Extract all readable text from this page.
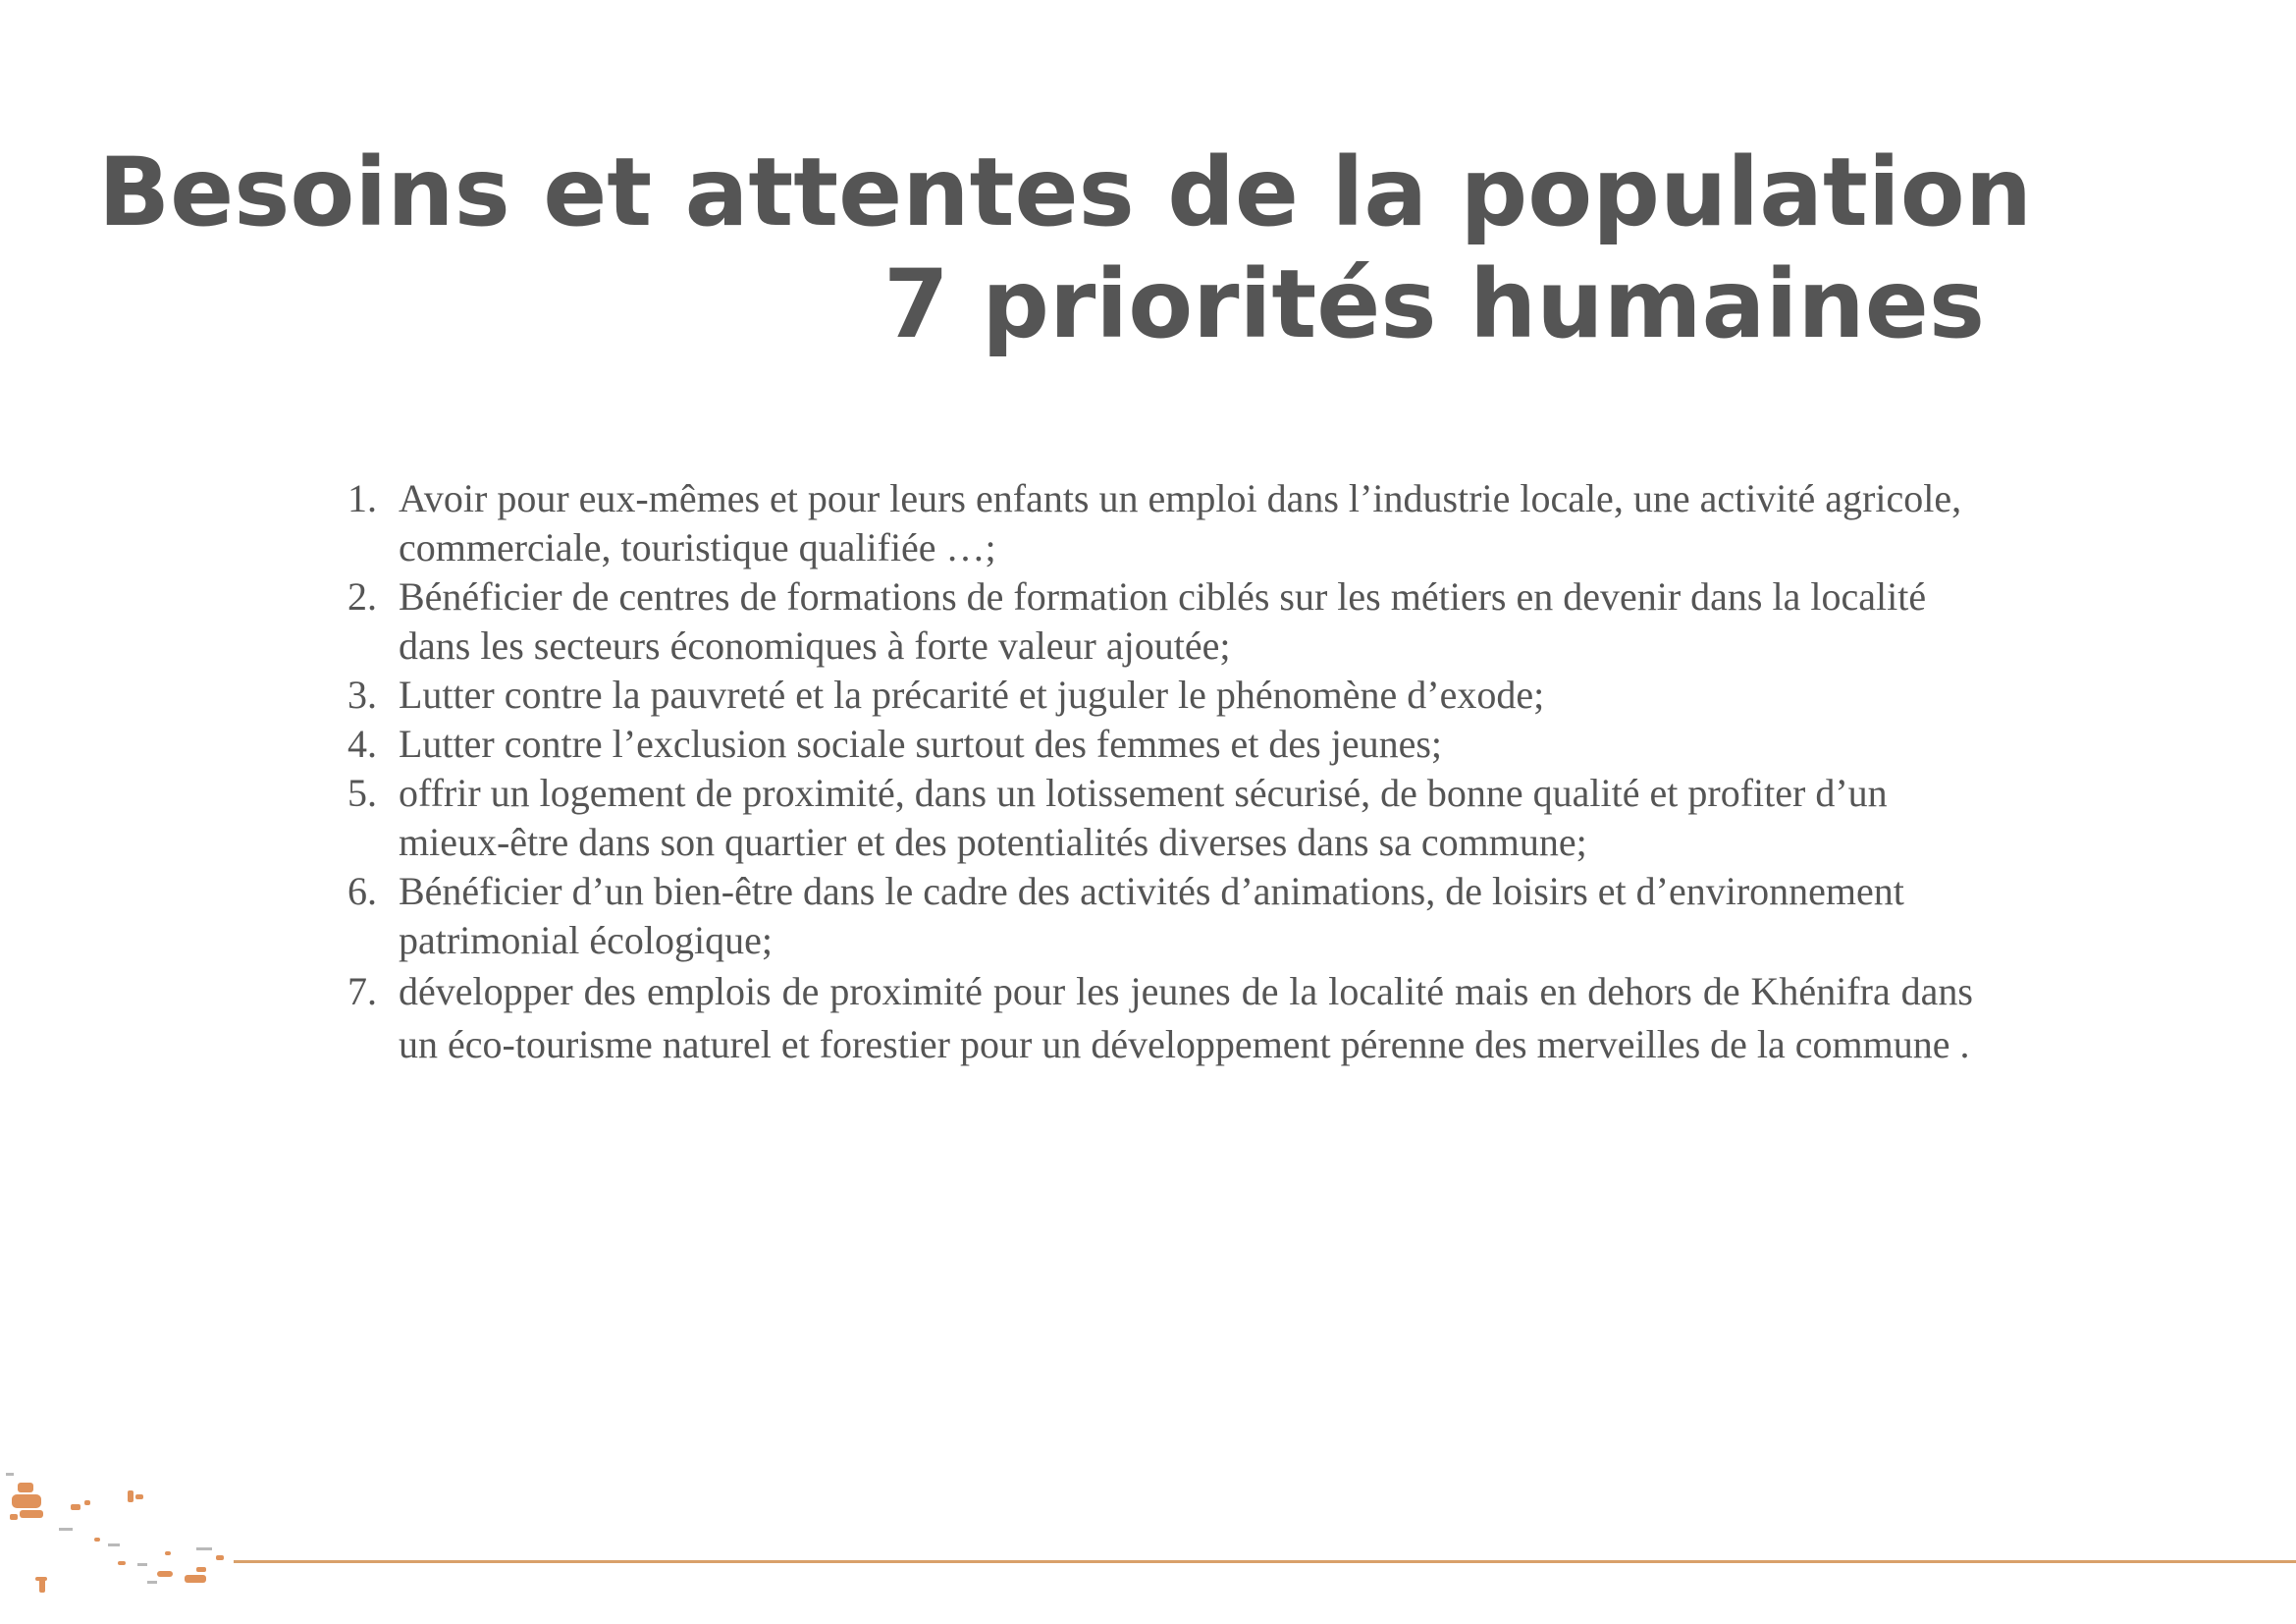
Besoins et attentes de la population
7 priorités humaines
1. Avoir pour eux-mêmes et pour leurs enfants un emploi dans l’industrie locale, une activité agricole, commerciale, touristique qualifiée …;
2. Bénéficier de centres de formations de formation ciblés sur les métiers en devenir dans la localité dans les secteurs économiques à forte valeur ajoutée;
3. Lutter contre la pauvreté et la précarité et juguler le phénomène d’exode;
4. Lutter contre l’exclusion sociale surtout des femmes et des jeunes;
5. offrir un logement de proximité, dans un lotissement sécurisé, de bonne qualité et profiter d’un mieux-être dans son quartier et des potentialités diverses dans sa commune;
6. Bénéficier d’un bien-être dans le cadre des activités d’animations, de loisirs et d’environnement patrimonial écologique;
7. développer des emplois de proximité pour les jeunes de la localité mais en dehors de Khénifra dans un éco-tourisme naturel et forestier pour un développement pérenne des merveilles de la commune .
